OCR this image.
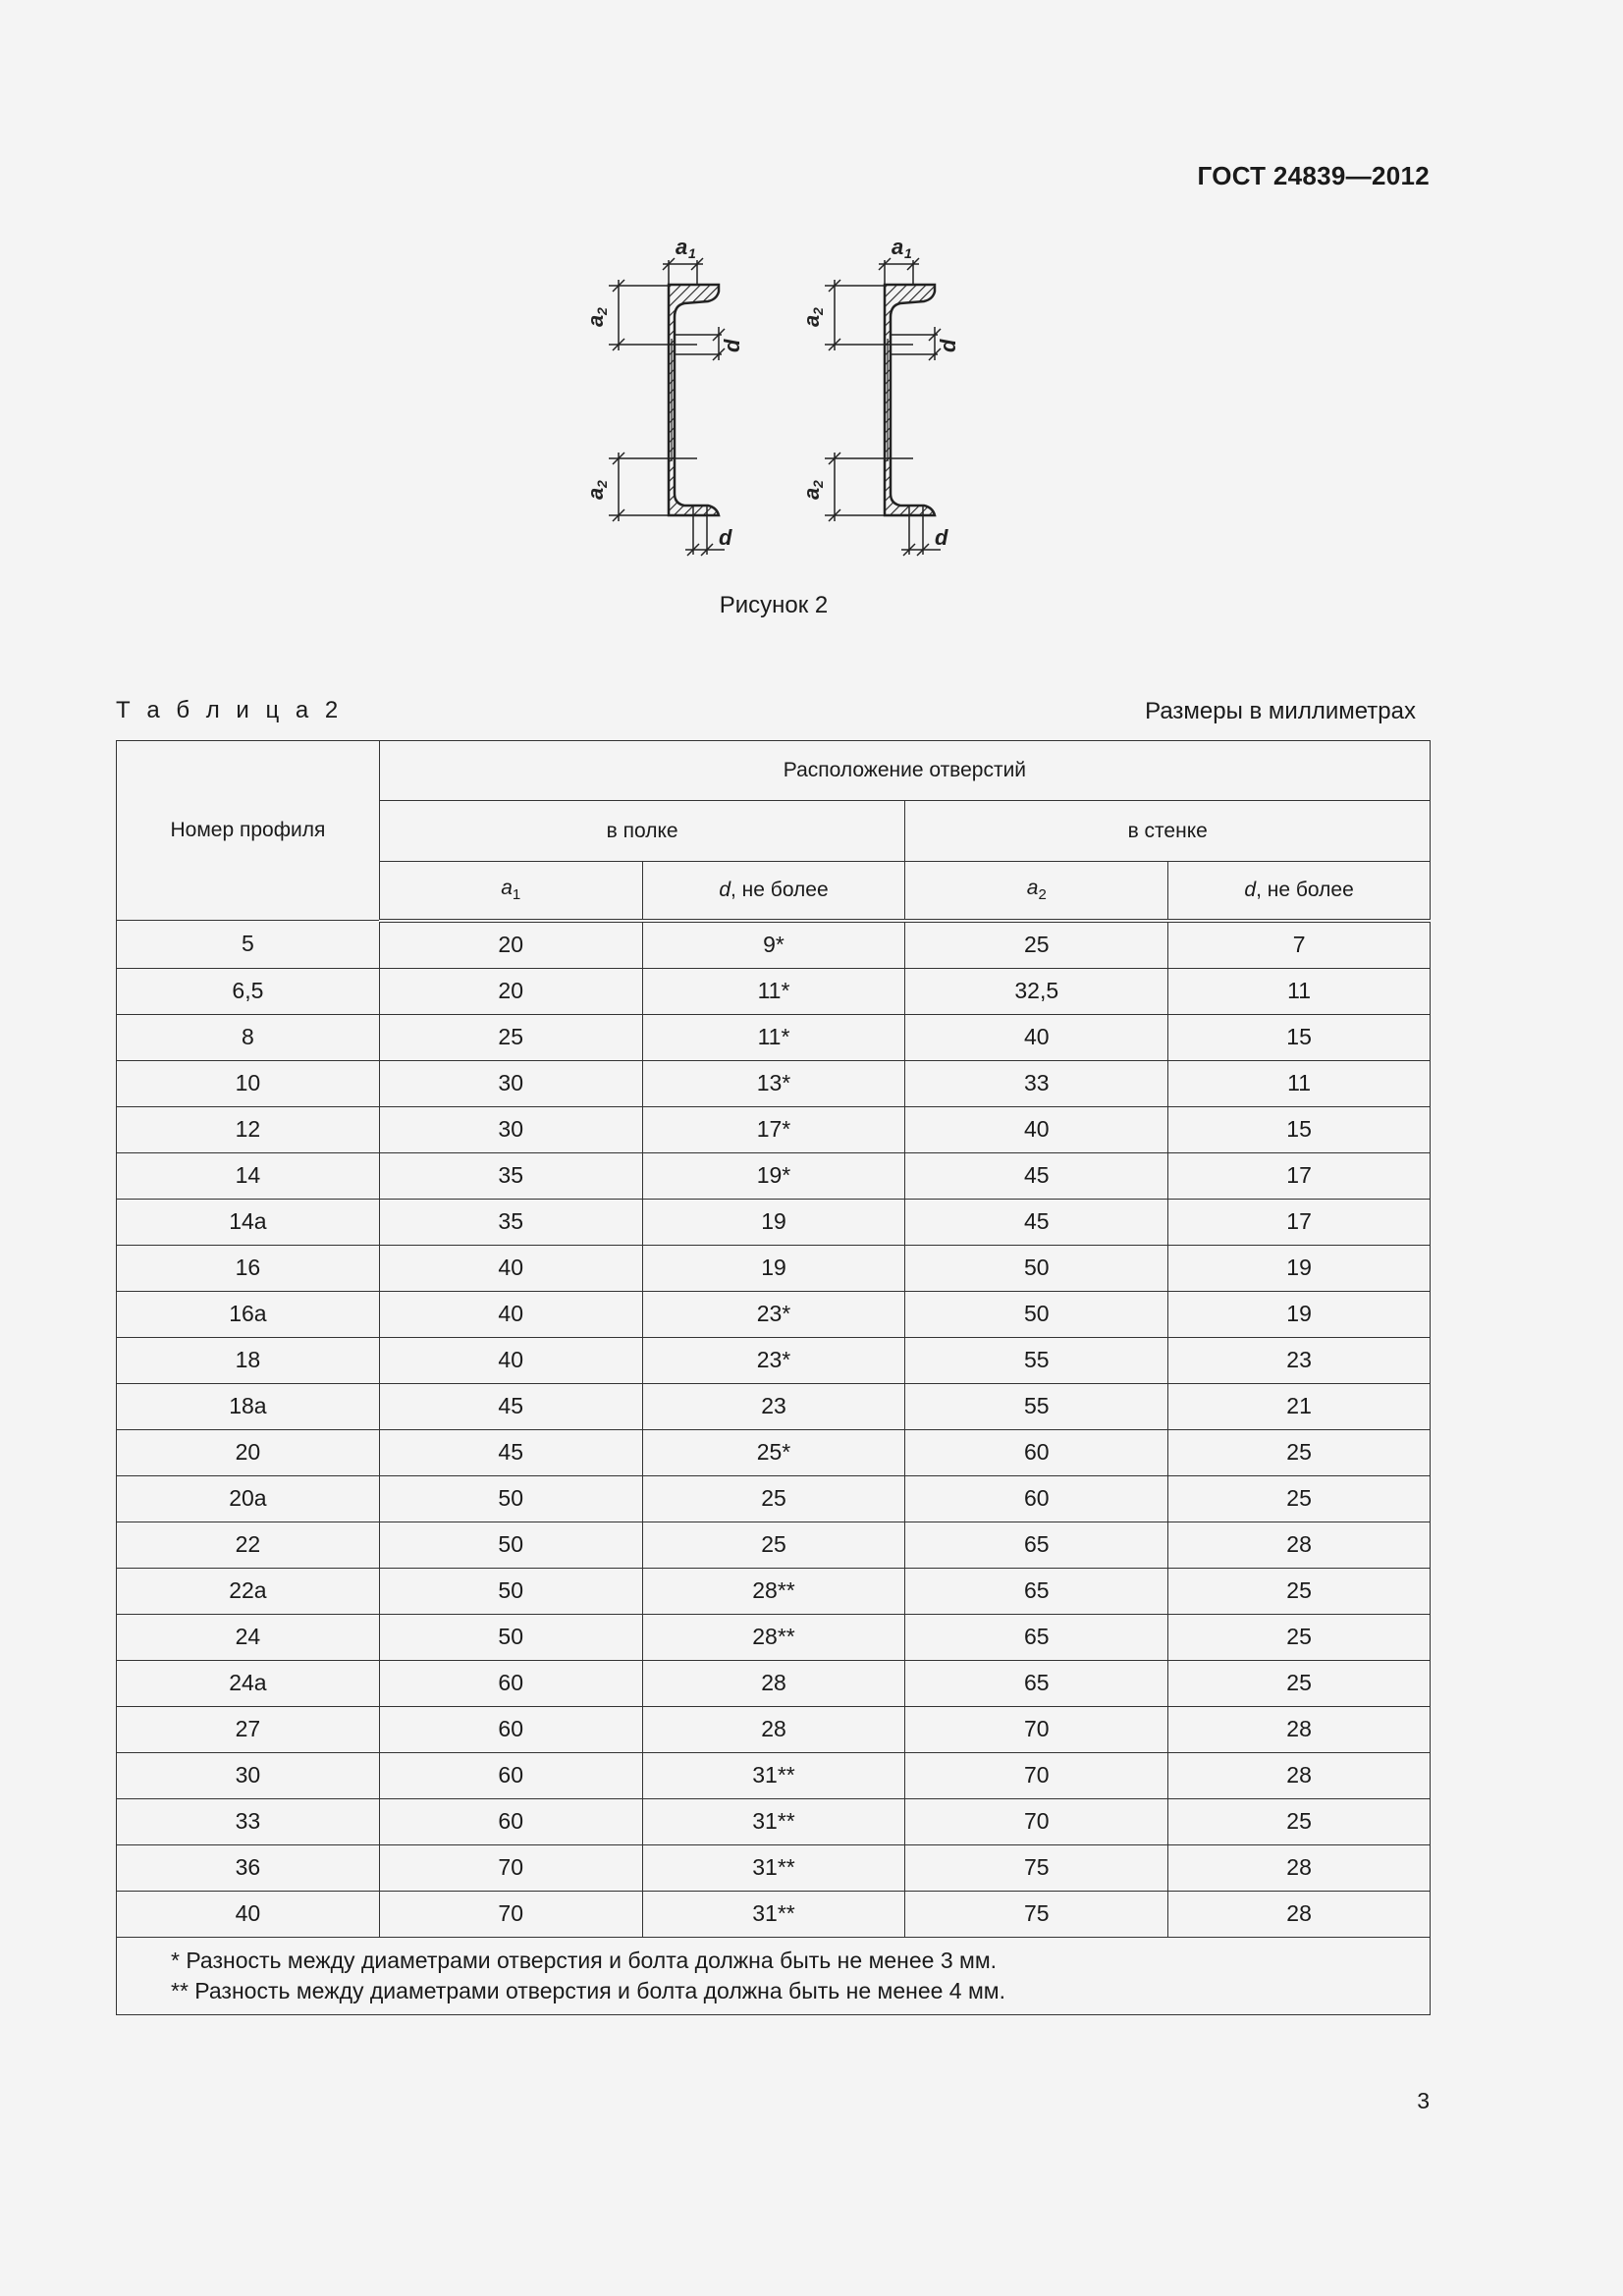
ГОСТ 24839—2012
a 1
a
2
d
a
2
d
a 1
a
2
d
a
2
d
Рисунок 2
Т а б л и ц а 2	Размеры в миллиметрах
Номер профиля	Расположение отверстий			
	в полке		в стенке	
	$a_1$	d, не более	$a_2$	d, не более
5	20	9*	25	7
6,5	20	11*	32,5	11
8	25	11*	40	15
10	30	13*	33	11
12	30	17*	40	15
14	35	19*	45	17
14а	35	19	45	17
16	40	19	50	19
16а	40	23*	50	19
18	40	23*	55	23
18а	45	23	55	21
20	45	25*	60	25
20а	50	25	60	25
22	50	25	65	28
22а	50	28**	65	25
24	50	28**	65	25
24а	60	28	65	25
27	60	28	70	28
30	60	31**	70	28
33	60	31**	70	25
36	70	31**	75	28
40	70	31**	75	28

* Разность между диаметрами отверстия и болта должна быть не менее 3 мм.
** Разность между диаметрами отверстия и болта должна быть не менее 4 мм.				
3
